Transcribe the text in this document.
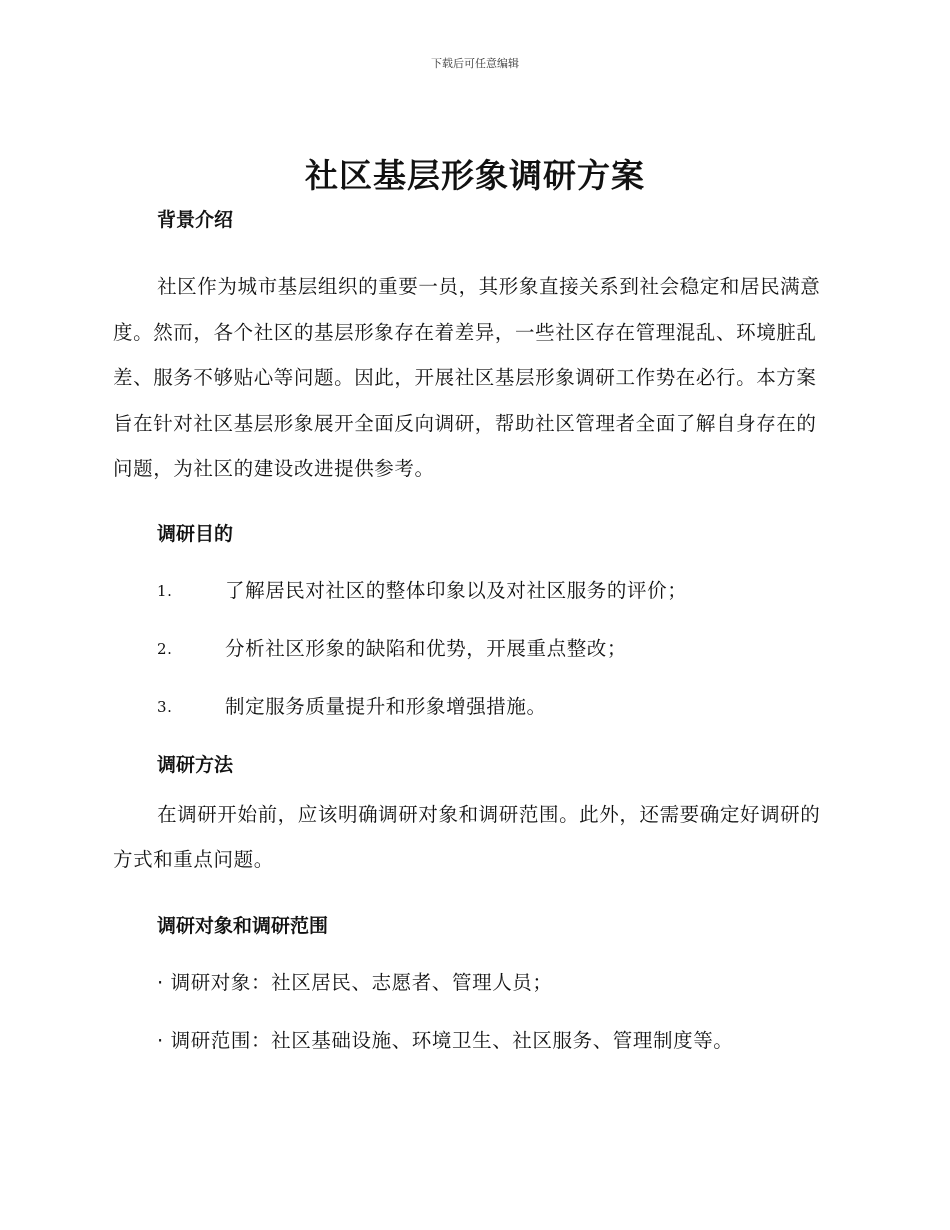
下载后可任意编辑
社区基层形象调研方案
背景介绍

社区作为城市基层组织的重要一员，其形象直接关系到社会稳定和居民满意度。然而，各个社区的基层形象存在着差异，一些社区存在管理混乱、环境脏乱差、服务不够贴心等问题。因此，开展社区基层形象调研工作势在必行。本方案旨在针对社区基层形象展开全面反向调研，帮助社区管理者全面了解自身存在的问题，为社区的建设改进提供参考。

调研目的
1.	了解居民对社区的整体印象以及对社区服务的评价；
2.	分析社区形象的缺陷和优势，开展重点整改；
3.	制定服务质量提升和形象增强措施。
调研方法

在调研开始前，应该明确调研对象和调研范围。此外，还需要确定好调研的方式和重点问题。

调研对象和调研范围
· 调研对象：社区居民、志愿者、管理人员；
· 调研范围：社区基础设施、环境卫生、社区服务、管理制度等。
